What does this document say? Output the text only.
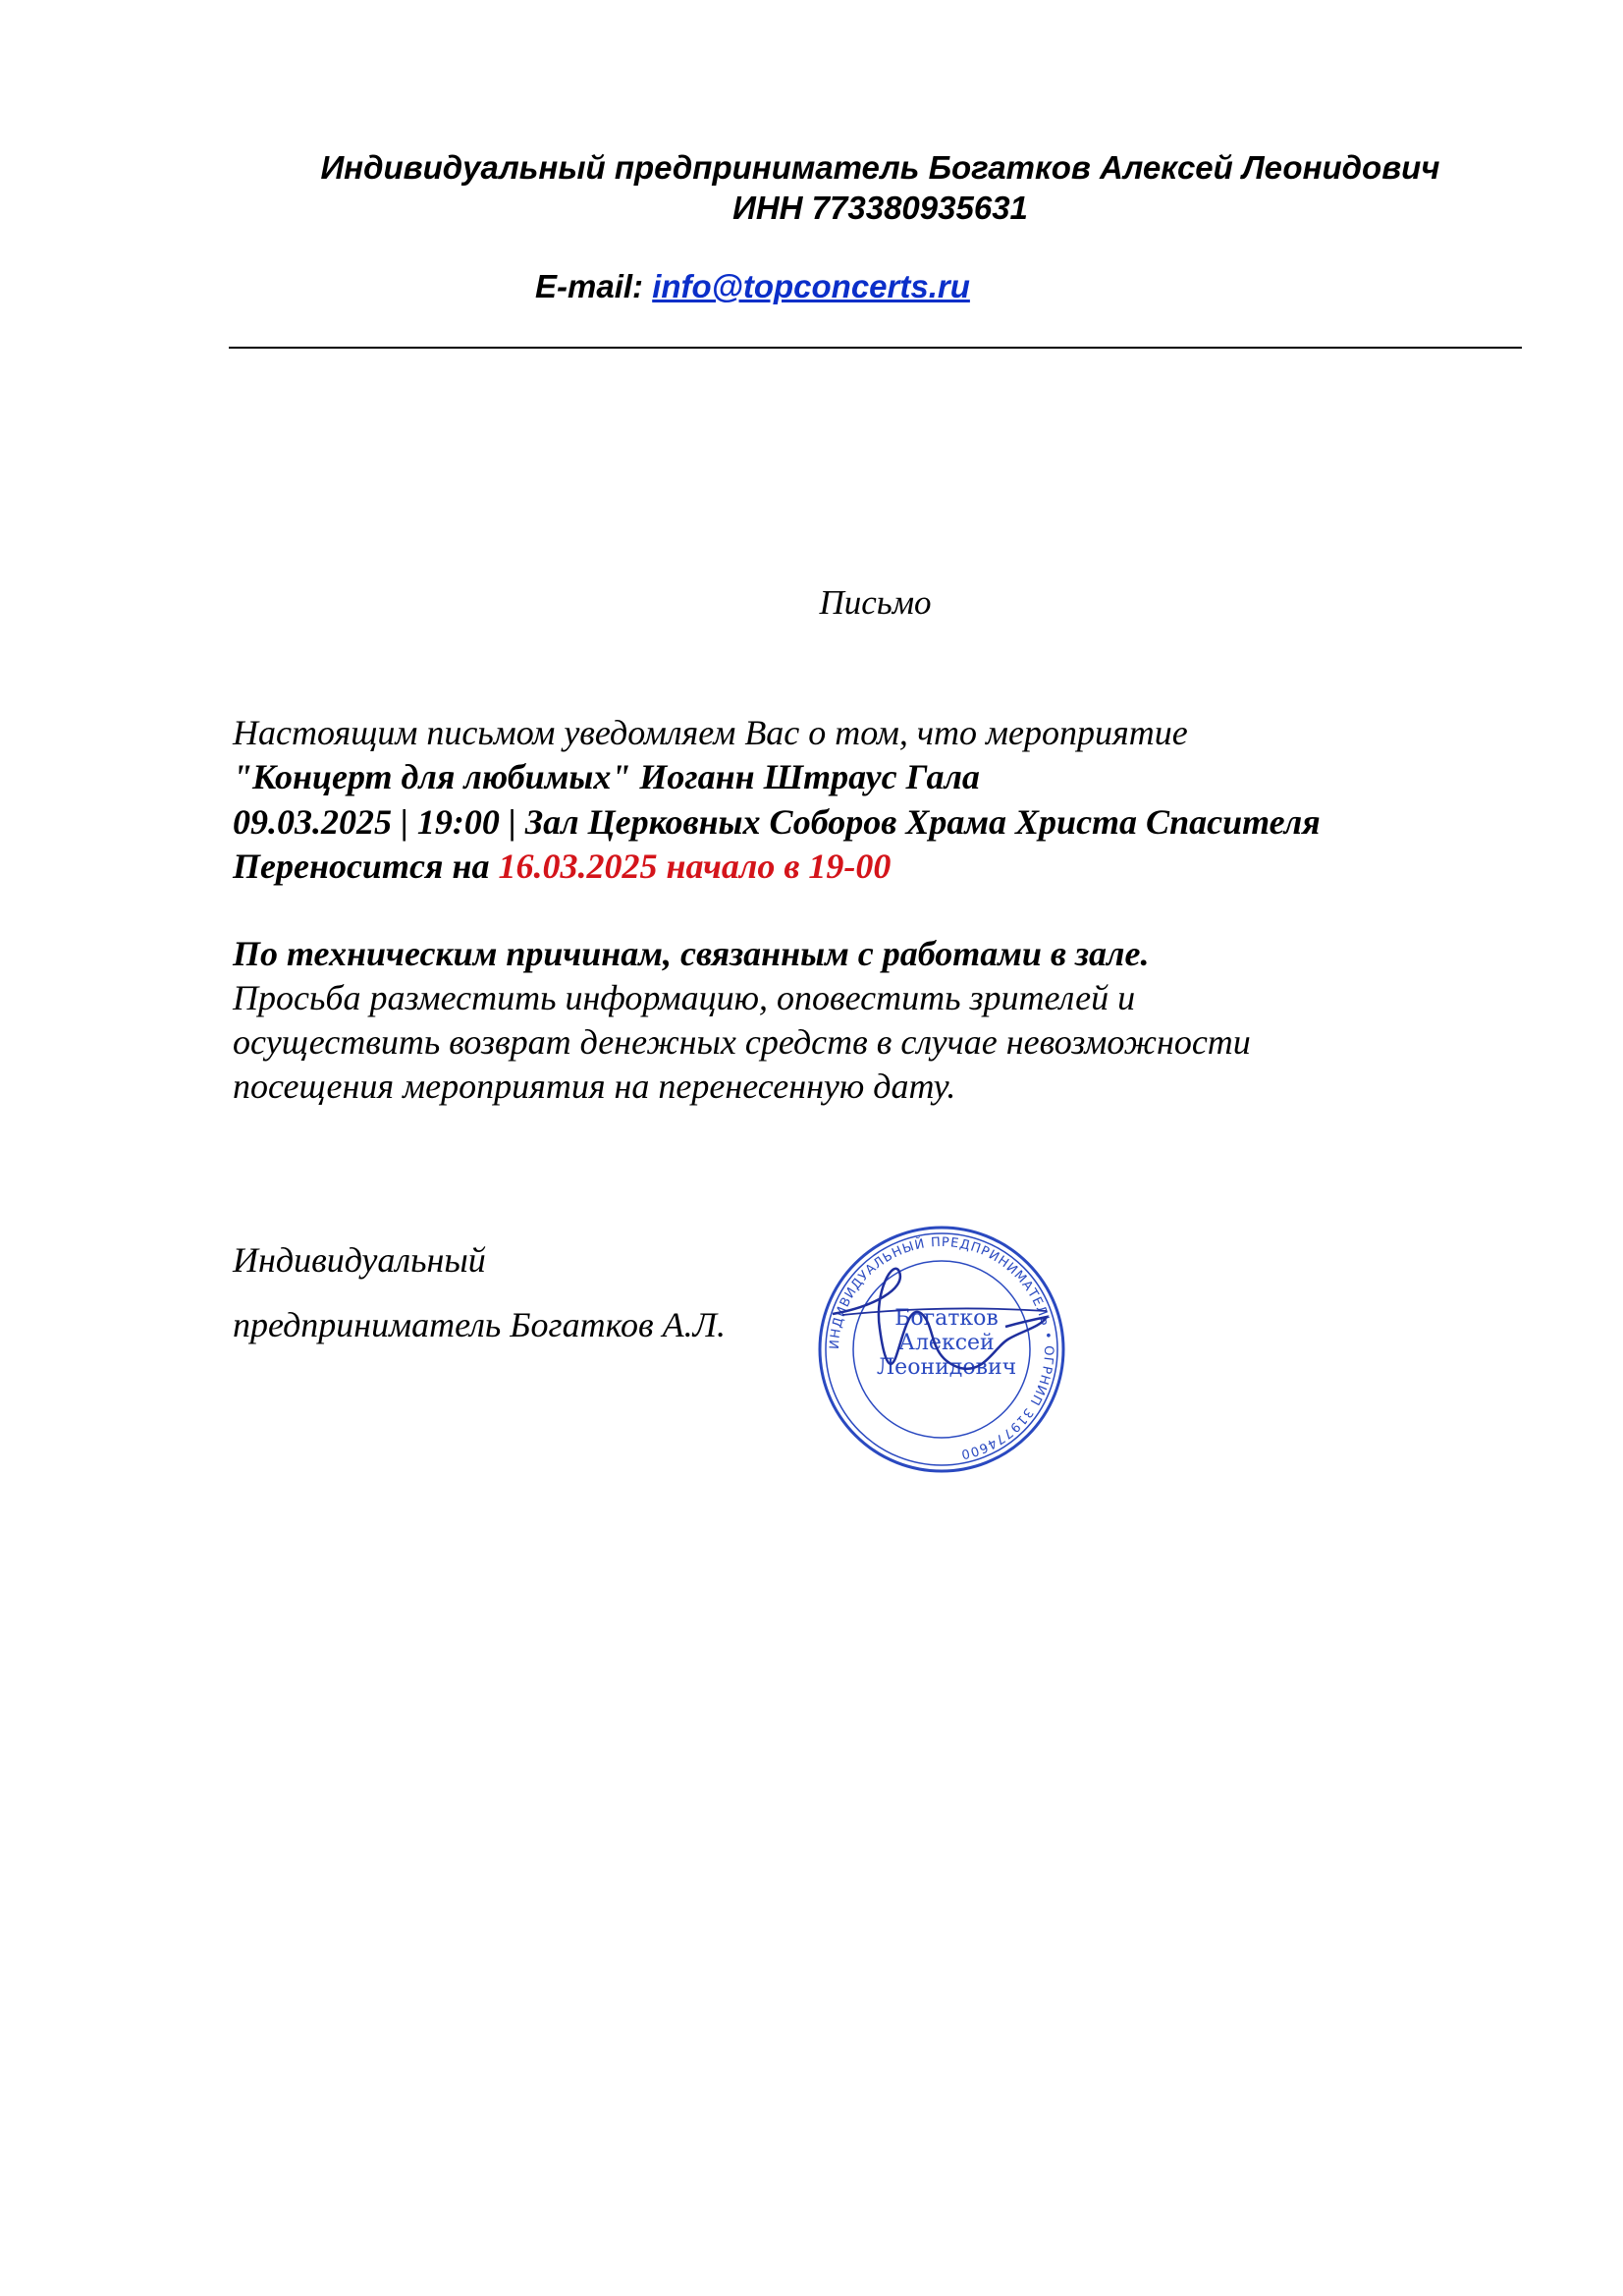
Индивидуальный предприниматель Богатков Алексей Леонидович
ИНН 773380935631
E-mail: info@topconcerts.ru
Письмо
Настоящим письмом уведомляем Вас о том, что мероприятие
"Концерт для любимых" Иоганн Штраус Гала
09.03.2025 | 19:00 | Зал Церковных Соборов Храма Христа Спасителя
Переносится на 16.03.2025 начало в 19-00
По техническим причинам, связанным с работами в зале.
Просьба разместить информацию, оповестить зрителей и
осуществить возврат денежных средств в случае невозможности
посещения мероприятия на перенесенную дату.
Индивидуальный
предприниматель Богатков А.Л.	ИНДИВИДУАЛЬНЫЙ ПРЕДПРИНИМАТЕЛЬ • ОГРНИП 319774600
Богатков
Алексей
Леонидович
